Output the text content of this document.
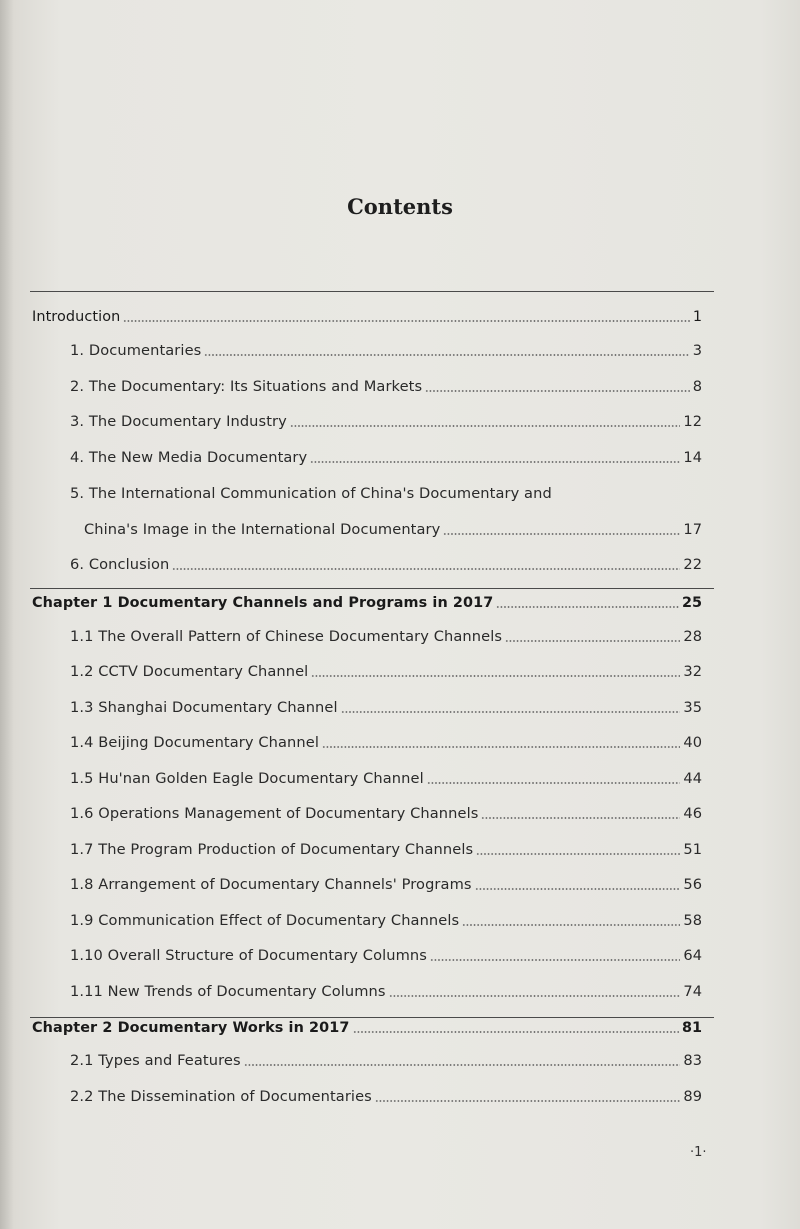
Contents
Introduction	1
1. Documentaries	3
2. The Documentary: Its Situations and Markets	8
3. The Documentary Industry	12
4. The New Media Documentary	14
5. The International Communication of China's Documentary and
China's Image in the International Documentary	17
6. Conclusion	22
Chapter 1 Documentary Channels and Programs in 2017	25
1.1 The Overall Pattern of Chinese Documentary Channels	28
1.2 CCTV Documentary Channel	32
1.3 Shanghai Documentary Channel	35
1.4 Beijing Documentary Channel	40
1.5 Hu'nan Golden Eagle Documentary Channel	44
1.6 Operations Management of Documentary Channels	46
1.7 The Program Production of Documentary Channels	51
1.8 Arrangement of Documentary Channels' Programs	56
1.9 Communication Effect of Documentary Channels	58
1.10 Overall Structure of Documentary Columns	64
1.11 New Trends of Documentary Columns	74
Chapter 2 Documentary Works in 2017	81
2.1 Types and Features	83
2.2 The Dissemination of Documentaries	89
·1·
